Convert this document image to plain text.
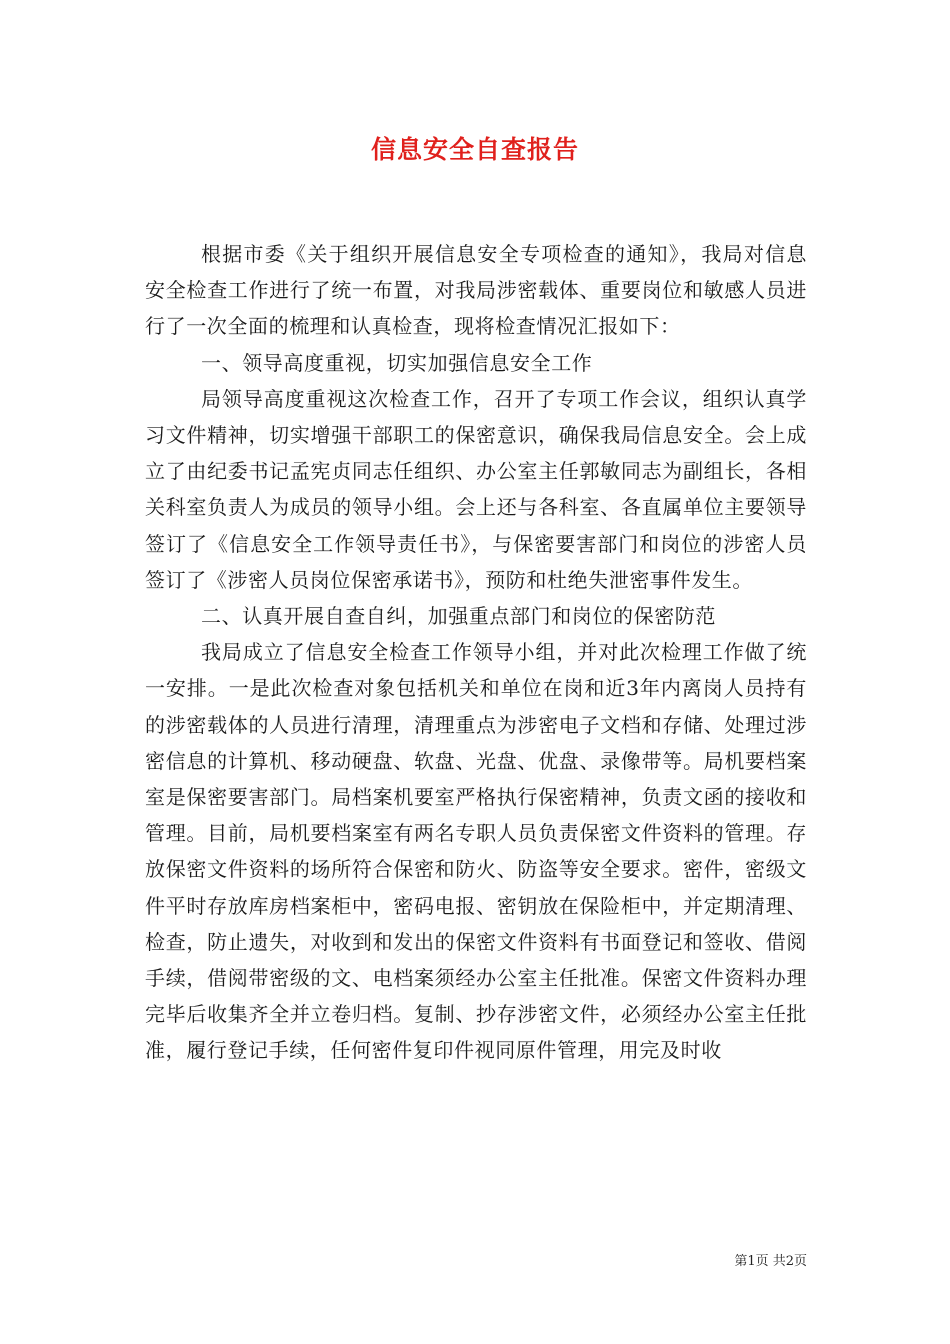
信息安全自查报告

根据市委《关于组织开展信息安全专项检查的通知》，我局对信息安全检查工作进行了统一布置，对我局涉密载体、重要岗位和敏感人员进行了一次全面的梳理和认真检查，现将检查情况汇报如下：

一、领导高度重视，切实加强信息安全工作

局领导高度重视这次检查工作，召开了专项工作会议，组织认真学习文件精神，切实增强干部职工的保密意识，确保我局信息安全。会上成立了由纪委书记孟宪贞同志任组织、办公室主任郭敏同志为副组长，各相关科室负责人为成员的领导小组。会上还与各科室、各直属单位主要领导签订了《信息安全工作领导责任书》，与保密要害部门和岗位的涉密人员签订了《涉密人员岗位保密承诺书》，预防和杜绝失泄密事件发生。

二、认真开展自查自纠，加强重点部门和岗位的保密防范

我局成立了信息安全检查工作领导小组，并对此次检理工作做了统一安排。一是此次检查对象包括机关和单位在岗和近3年内离岗人员持有的涉密载体的人员进行清理，清理重点为涉密电子文档和存储、处理过涉密信息的计算机、移动硬盘、软盘、光盘、优盘、录像带等。局机要档案室是保密要害部门。局档案机要室严格执行保密精神，负责文函的接收和管理。目前，局机要档案室有两名专职人员负责保密文件资料的管理。存放保密文件资料的场所符合保密和防火、防盗等安全要求。密件，密级文件平时存放库房档案柜中，密码电报、密钥放在保险柜中，并定期清理、检查，防止遗失，对收到和发出的保密文件资料有书面登记和签收、借阅手续，借阅带密级的文、电档案须经办公室主任批准。保密文件资料办理完毕后收集齐全并立卷归档。复制、抄存涉密文件，必须经办公室主任批准，履行登记手续，任何密件复印件视同原件管理，用完及时收

第1页 共2页
